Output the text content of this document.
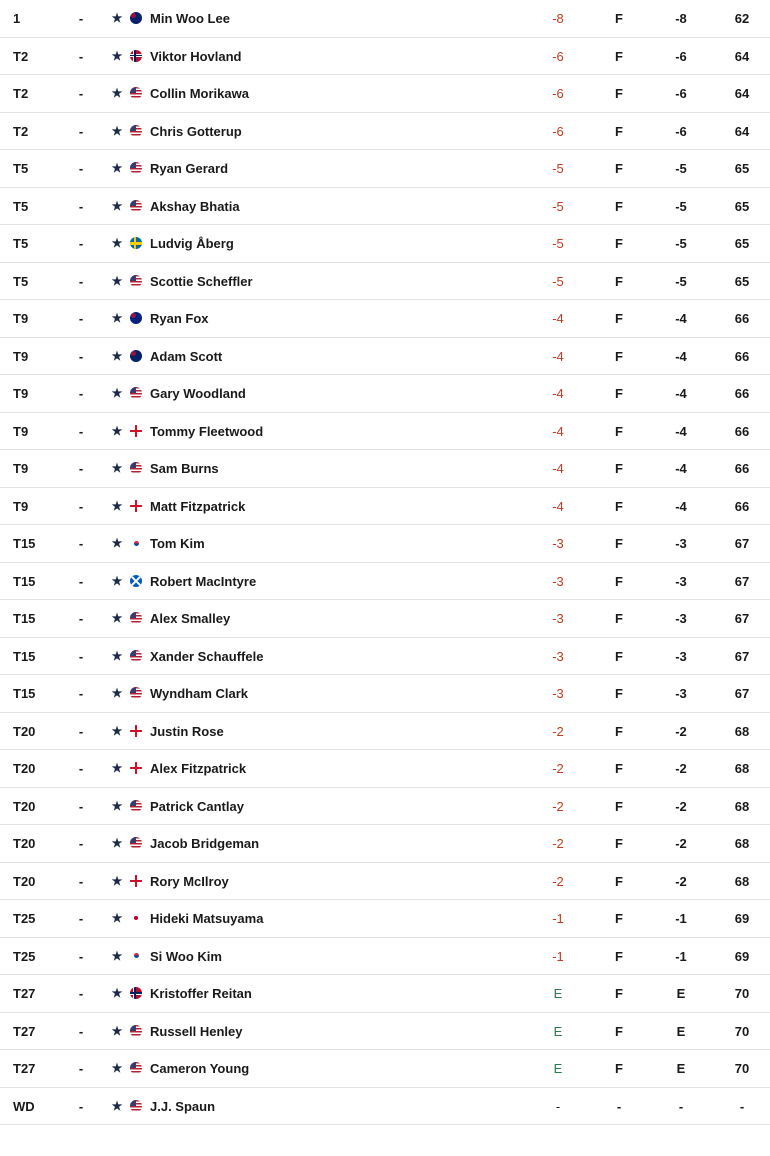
1	- ★ Min Woo Lee	-8	F	-8	62
T2	- ★ Viktor Hovland	-6	F	-6	64
T2	- ★ Collin Morikawa	-6	F	-6	64
T2	- ★ Chris Gotterup	-6	F	-6	64
T5	- ★ Ryan Gerard	-5	F	-5	65
T5	- ★ Akshay Bhatia	-5	F	-5	65
T5	- ★ Ludvig Åberg	-5	F	-5	65
T5	- ★ Scottie Scheffler	-5	F	-5	65
T9	- ★ Ryan Fox	-4	F	-4	66
T9	- ★ Adam Scott	-4	F	-4	66
T9	- ★ Gary Woodland	-4	F	-4	66
T9	- ★ Tommy Fleetwood	-4	F	-4	66
T9	- ★ Sam Burns	-4	F	-4	66
T9	- ★ Matt Fitzpatrick	-4	F	-4	66
T15	- ★ Tom Kim	-3	F	-3	67
T15	- ★ Robert MacIntyre	-3	F	-3	67
T15	- ★ Alex Smalley	-3	F	-3	67
T15	- ★ Xander Schauffele	-3	F	-3	67
T15	- ★ Wyndham Clark	-3	F	-3	67
T20	- ★ Justin Rose	-2	F	-2	68
T20	- ★ Alex Fitzpatrick	-2	F	-2	68
T20	- ★ Patrick Cantlay	-2	F	-2	68
T20	- ★ Jacob Bridgeman	-2	F	-2	68
T20	- ★ Rory McIlroy	-2	F	-2	68
T25	- ★ Hideki Matsuyama	-1	F	-1	69
T25	- ★ Si Woo Kim	-1	F	-1	69
T27	- ★ Kristoffer Reitan	E	F	E	70
T27	- ★ Russell Henley	E	F	E	70
T27	- ★ Cameron Young	E	F	E	70
WD	- ★ J.J. Spaun	-	-	-	-
